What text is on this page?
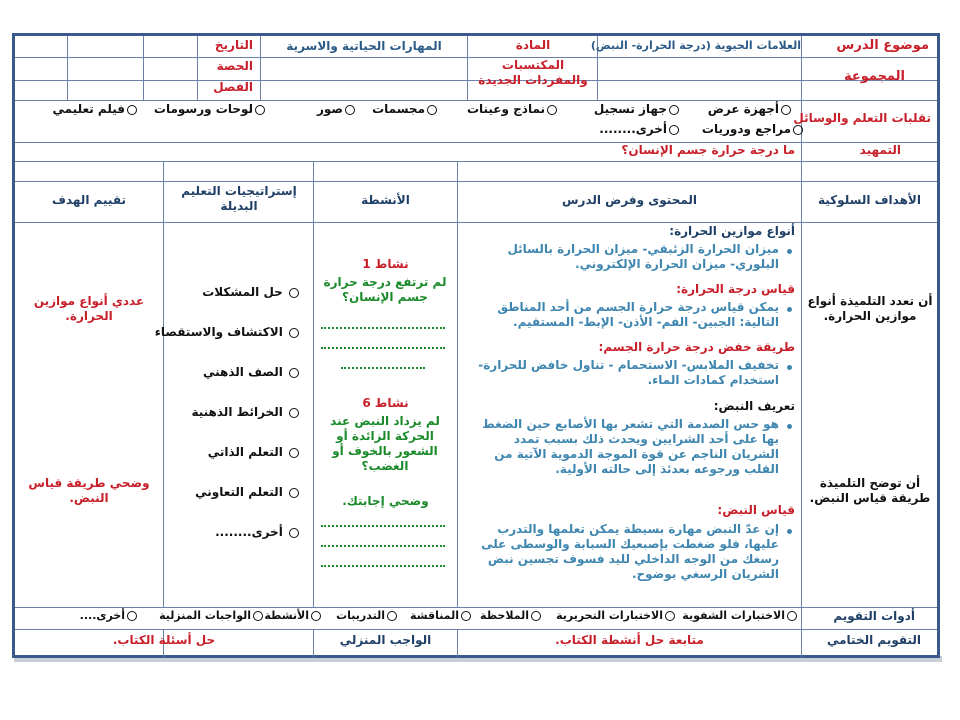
موضوع الدرس
العلامات الحيوية (درجة الحرارة- النبض)
المادة
المهارات الحياتية والاسرية
التاريخ
الحصة
الفصل
المجموعة
المكتسبات والمفردات الجديدة
تقلبات التعلم والوسائل
أجهزة عرض
جهاز تسجيل
نماذج وعينات
مجسمات
صور
لوحات ورسومات
فيلم تعليمي
مراجع ودوريات
أخرى........
التمهيد
ما درجة حرارة جسم الإنسان؟
الأهداف السلوكية
المحتوى وفرض الدرس
الأنشطة
إستراتيجيات التعليم البديلة
تقييم الهدف
أن تعدد التلميذة أنواع موازين الحرارة.
أن توضح التلميذة طريقة قياس النبض.
أنواع موازين الحرارة:
ميزان الحرارة الزئبقي- ميزان الحرارة بالسائل البلوري- ميزان الحرارة الإلكتروني.
قياس درجة الحرارة:
يمكن قياس درجة حرارة الجسم من أحد المناطق التالية: الجبين- الفم- الأذن- الإبط- المستقيم.
طريقة خفض درجة حرارة الجسم:
تخفيف الملابس- الاستحمام - تناول خافض للحرارة- استخدام كمادات الماء.
تعريف النبض:
هو حس الصدمة التي تشعر بها الأصابع حين الضغط بها على أحد الشرايين ويحدث ذلك بسبب تمدد الشريان الناجم عن قوة الموجة الدموية الآتية من القلب ورجوعه بعدئذ إلى حالته الأولية.
قياس النبض:
إن عدّ النبض مهارة بسيطة يمكن تعلمها والتدرب عليها، فلو ضغطت بإصبعيك السبابة والوسطى على رسغك من الوجه الداخلي لليد فسوف تجسين نبض الشريان الرسغي بوضوح.
نشاط 1
لم ترتفع درجة حرارة جسم الإنسان؟
نشاط 6
لم يزداد النبض عند الحركة الزائدة أو الشعور بالخوف أو الغضب؟
وضحي إجابتك.
حل المشكلات
الاكتشاف والاستقصاء
الصف الذهني
الخرائط الذهنية
التعلم الذاتي
التعلم التعاوني
أخرى........
عددي أنواع موازين الحرارة.
وضحي طريقة قياس النبض.
أدوات التقويم
الاختبارات الشفوية
الاختبارات التحريرية
الملاحظة
المناقشة
التدريبات
الأنشطة
الواجبات المنزلية
أخرى....
التقويم الختامي
متابعة حل أنشطة الكتاب.
الواجب المنزلي
حل أسئلة الكتاب.
